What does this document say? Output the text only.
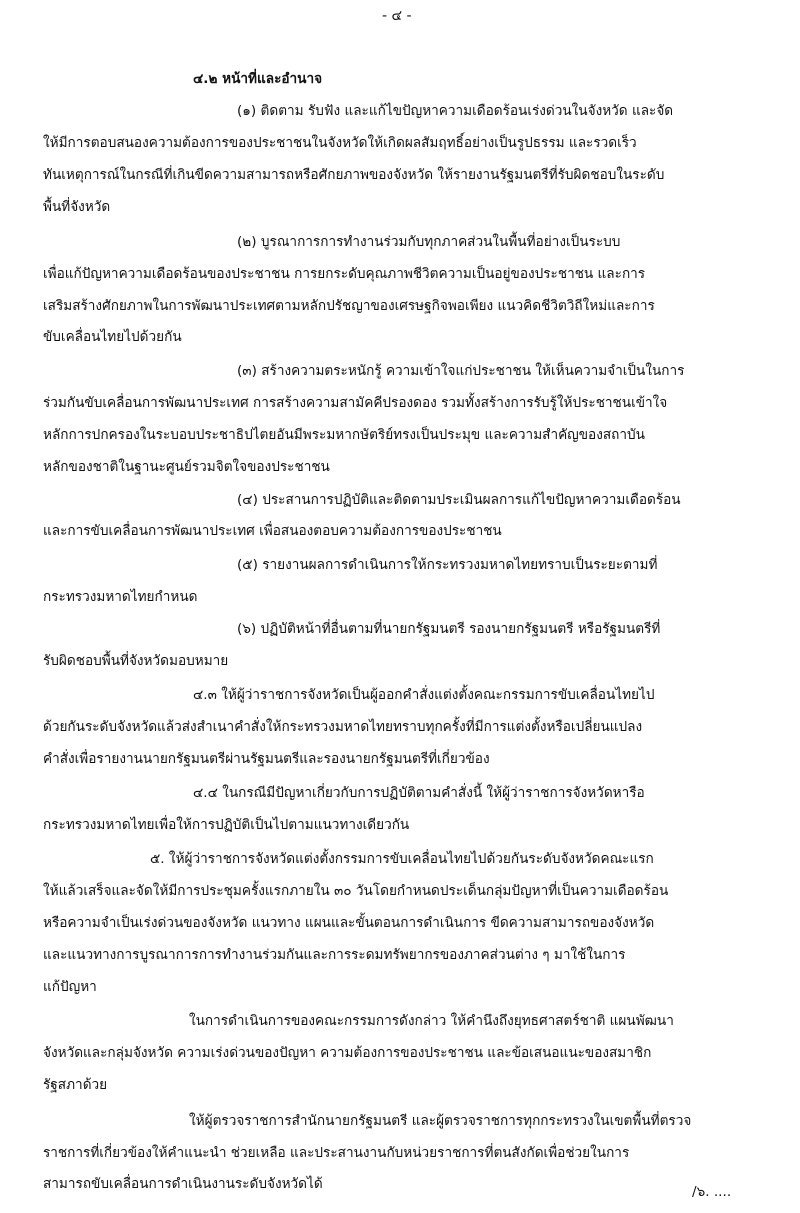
- ๔ -
๔.๒ หน้าที่และอำนาจ
(๑) ติดตาม รับฟัง และแก้ไขปัญหาความเดือดร้อนเร่งด่วนในจังหวัด และจัด
ให้มีการตอบสนองความต้องการของประชาชนในจังหวัดให้เกิดผลสัมฤทธิ์อย่างเป็นรูปธรรม และรวดเร็ว
ทันเหตุการณ์ในกรณีที่เกินขีดความสามารถหรือศักยภาพของจังหวัด ให้รายงานรัฐมนตรีที่รับผิดชอบในระดับ
พื้นที่จังหวัด
(๒) บูรณาการการทำงานร่วมกับทุกภาคส่วนในพื้นที่อย่างเป็นระบบ
เพื่อแก้ปัญหาความเดือดร้อนของประชาชน การยกระดับคุณภาพชีวิตความเป็นอยู่ของประชาชน และการ
เสริมสร้างศักยภาพในการพัฒนาประเทศตามหลักปรัชญาของเศรษฐกิจพอเพียง แนวคิดชีวิตวิถีใหม่และการ
ขับเคลื่อนไทยไปด้วยกัน
(๓) สร้างความตระหนักรู้ ความเข้าใจแก่ประชาชน ให้เห็นความจำเป็นในการ
ร่วมกันขับเคลื่อนการพัฒนาประเทศ การสร้างความสามัคคีปรองดอง รวมทั้งสร้างการรับรู้ให้ประชาชนเข้าใจ
หลักการปกครองในระบอบประชาธิปไตยอันมีพระมหากษัตริย์ทรงเป็นประมุข และความสำคัญของสถาบัน
หลักของชาติในฐานะศูนย์รวมจิตใจของประชาชน
(๔) ประสานการปฏิบัติและติดตามประเมินผลการแก้ไขปัญหาความเดือดร้อน
และการขับเคลื่อนการพัฒนาประเทศ เพื่อสนองตอบความต้องการของประชาชน
(๕) รายงานผลการดำเนินการให้กระทรวงมหาดไทยทราบเป็นระยะตามที่
กระทรวงมหาดไทยกำหนด
(๖) ปฏิบัติหน้าที่อื่นตามที่นายกรัฐมนตรี รองนายกรัฐมนตรี หรือรัฐมนตรีที่
รับผิดชอบพื้นที่จังหวัดมอบหมาย
๔.๓ ให้ผู้ว่าราชการจังหวัดเป็นผู้ออกคำสั่งแต่งตั้งคณะกรรมการขับเคลื่อนไทยไป
ด้วยกันระดับจังหวัดแล้วส่งสำเนาคำสั่งให้กระทรวงมหาดไทยทราบทุกครั้งที่มีการแต่งตั้งหรือเปลี่ยนแปลง
คำสั่งเพื่อรายงานนายกรัฐมนตรีผ่านรัฐมนตรีและรองนายกรัฐมนตรีที่เกี่ยวข้อง
๔.๔ ในกรณีมีปัญหาเกี่ยวกับการปฏิบัติตามคำสั่งนี้ ให้ผู้ว่าราชการจังหวัดหารือ
กระทรวงมหาดไทยเพื่อให้การปฏิบัติเป็นไปตามแนวทางเดียวกัน
๕. ให้ผู้ว่าราชการจังหวัดแต่งตั้งกรรมการขับเคลื่อนไทยไปด้วยกันระดับจังหวัดคณะแรก
ให้แล้วเสร็จและจัดให้มีการประชุมครั้งแรกภายใน ๓๐ วันโดยกำหนดประเด็นกลุ่มปัญหาที่เป็นความเดือดร้อน
หรือความจำเป็นเร่งด่วนของจังหวัด แนวทาง แผนและขั้นตอนการดำเนินการ ขีดความสามารถของจังหวัด
และแนวทางการบูรณาการการทำงานร่วมกันและการระดมทรัพยากรของภาคส่วนต่าง ๆ มาใช้ในการ
แก้ปัญหา
ในการดำเนินการของคณะกรรมการดังกล่าว ให้คำนึงถึงยุทธศาสตร์ชาติ แผนพัฒนา
จังหวัดและกลุ่มจังหวัด ความเร่งด่วนของปัญหา ความต้องการของประชาชน และข้อเสนอแนะของสมาชิก
รัฐสภาด้วย
ให้ผู้ตรวจราชการสำนักนายกรัฐมนตรี และผู้ตรวจราชการทุกกระทรวงในเขตพื้นที่ตรวจ
ราชการที่เกี่ยวข้องให้คำแนะนำ ช่วยเหลือ และประสานงานกับหน่วยราชการที่ตนสังกัดเพื่อช่วยในการ
สามารถขับเคลื่อนการดำเนินงานระดับจังหวัดได้	/๖. ....
